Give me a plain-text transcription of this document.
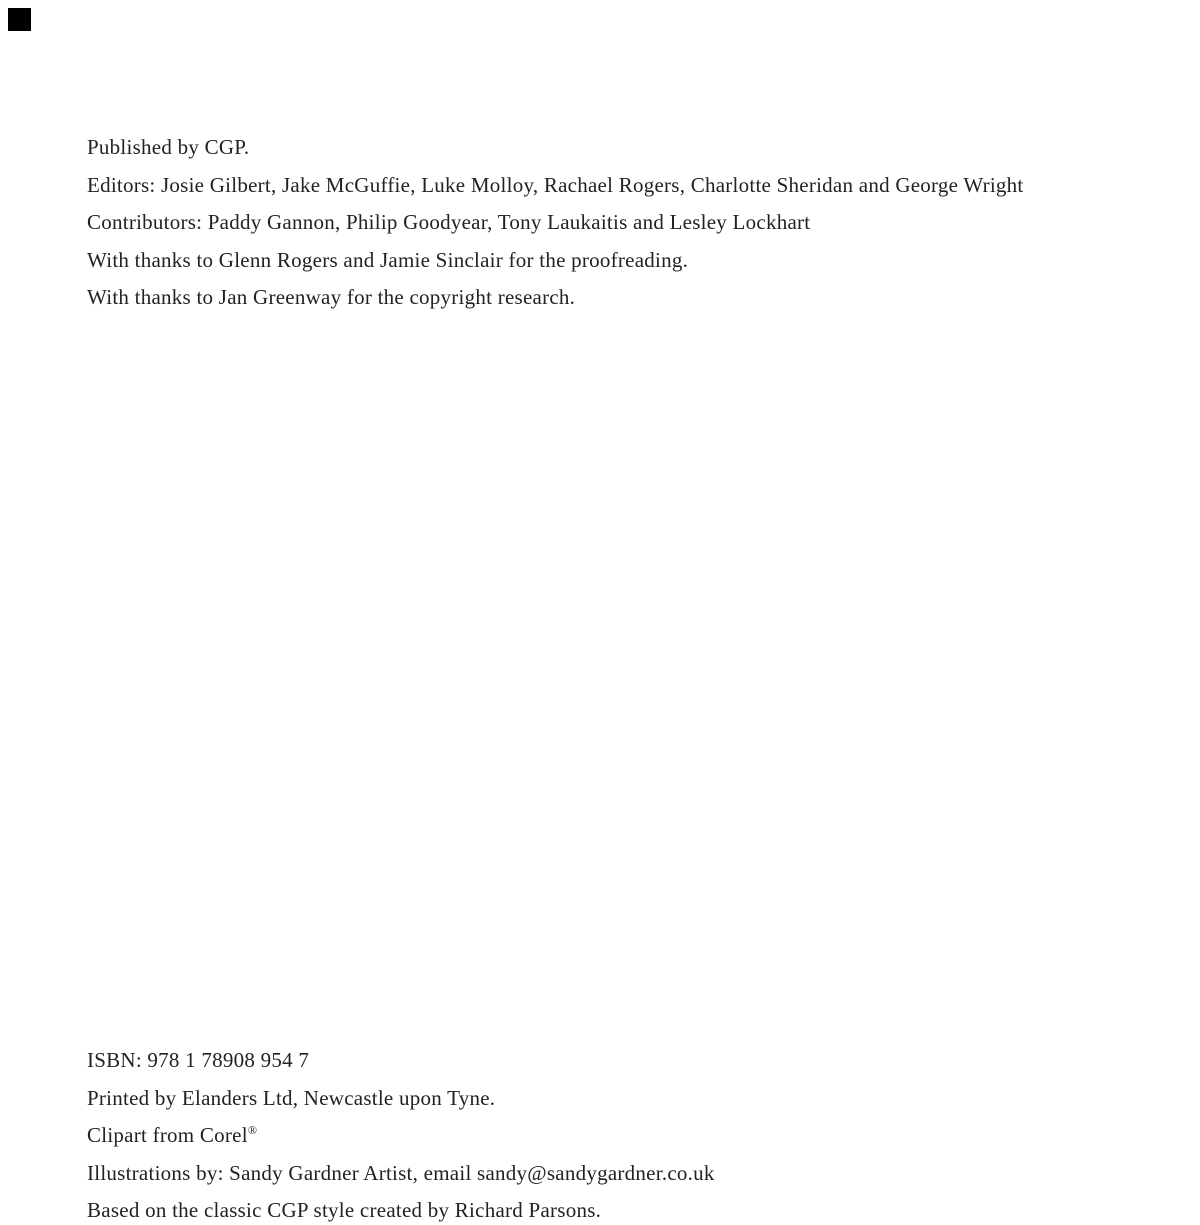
Published by CGP.
Editors: Josie Gilbert, Jake McGuffie, Luke Molloy, Rachael Rogers, Charlotte Sheridan and George Wright
Contributors: Paddy Gannon, Philip Goodyear, Tony Laukaitis and Lesley Lockhart
With thanks to Glenn Rogers and Jamie Sinclair for the proofreading.
With thanks to Jan Greenway for the copyright research.
ISBN: 978 1 78908 954 7
Printed by Elanders Ltd, Newcastle upon Tyne.
Clipart from Corel®
Illustrations by: Sandy Gardner Artist, email sandy@sandygardner.co.uk
Based on the classic CGP style created by Richard Parsons.
